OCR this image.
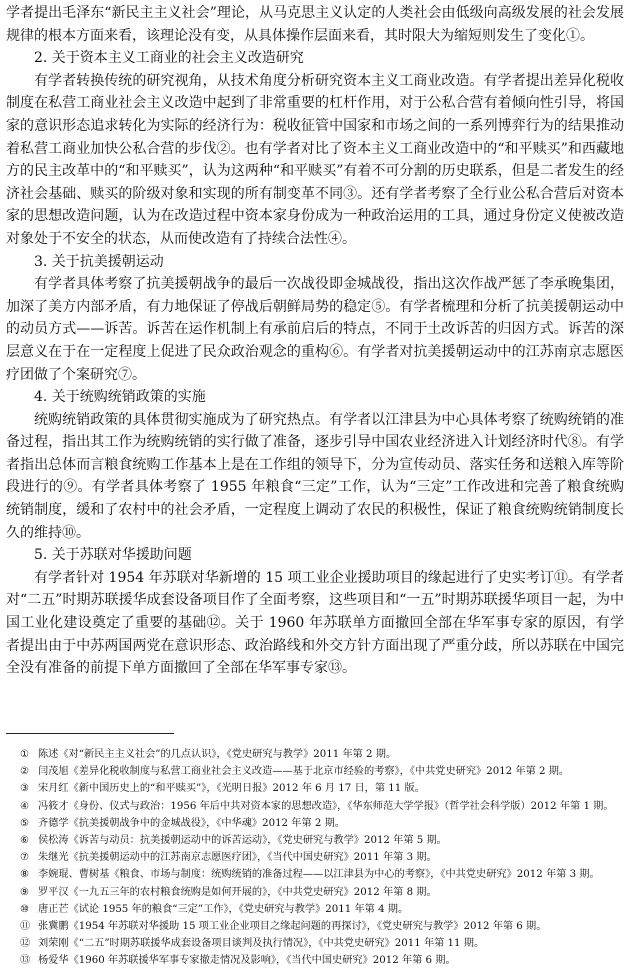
学者提出毛泽东“新民主主义社会”理论，从马克思主义认定的人类社会由低级向高级发展的社会发展规律的根本方面来看，该理论没有变，从具体操作层面来看，其时限大为缩短则发生了变化①。

2. 关于资本主义工商业的社会主义改造研究

有学者转换传统的研究视角，从技术角度分析研究资本主义工商业改造。有学者提出差异化税收制度在私营工商业社会主义改造中起到了非常重要的杠杆作用，对于公私合营有着倾向性引导，将国家的意识形态追求转化为实际的经济行为：税收征管中国家和市场之间的一系列博弈行为的结果推动着私营工商业加快公私合营的步伐②。也有学者对比了资本主义工商业改造中的“和平赎买”和西藏地方的民主改革中的“和平赎买”，认为这两种“和平赎买”有着不可分割的历史联系，但是二者发生的经济社会基础、赎买的阶级对象和实现的所有制变革不同③。还有学者考察了全行业公私合营后对资本家的思想改造问题，认为在改造过程中资本家身份成为一种政治运用的工具，通过身份定义使被改造对象处于不安全的状态，从而使改造有了持续合法性④。

3. 关于抗美援朝运动

有学者具体考察了抗美援朝战争的最后一次战役即金城战役，指出这次作战严惩了李承晚集团，加深了美方内部矛盾，有力地保证了停战后朝鲜局势的稳定⑤。有学者梳理和分析了抗美援朝运动中的动员方式——诉苦。诉苦在运作机制上有承前启后的特点，不同于土改诉苦的归因方式。诉苦的深层意义在于在一定程度上促进了民众政治观念的重构⑥。有学者对抗美援朝运动中的江苏南京志愿医疗团做了个案研究⑦。

4. 关于统购统销政策的实施

统购统销政策的具体贯彻实施成为了研究热点。有学者以江津县为中心具体考察了统购统销的准备过程，指出其工作为统购统销的实行做了准备，逐步引导中国农业经济进入计划经济时代⑧。有学者指出总体而言粮食统购工作基本上是在工作组的领导下，分为宣传动员、落实任务和送粮入库等阶段进行的⑨。有学者具体考察了 1955 年粮食“三定”工作，认为“三定”工作改进和完善了粮食统购统销制度，缓和了农村中的社会矛盾，一定程度上调动了农民的积极性，保证了粮食统购统销制度长久的维持⑩。

5. 关于苏联对华援助问题

有学者针对 1954 年苏联对华新增的 15 项工业企业援助项目的缘起进行了史实考订⑪。有学者对“二五”时期苏联援华成套设备项目作了全面考察，这些项目和“一五”时期苏联援华项目一起，为中国工业化建设奠定了重要的基础⑫。关于 1960 年苏联单方面撤回全部在华军事专家的原因，有学者提出由于中苏两国两党在意识形态、政治路线和外交方针方面出现了严重分歧，所以苏联在中国完全没有准备的前提下单方面撤回了全部在华军事专家⑬。

① 陈述《对“新民主主义社会”的几点认识》，《党史研究与教学》2011 年第 2 期。
② 闫茂旭《差异化税收制度与私营工商业社会主义改造——基于北京市经验的考察》，《中共党史研究》2012 年第 2 期。
③ 宋月红《新中国历史上的“和平赎买”》，《光明日报》2012 年 6 月 17 日，第 11 版。
④ 冯筱才《身份、仪式与政治：1956 年后中共对资本家的思想改造》，《华东师范大学学报》（哲学社会科学版）2012 年第 1 期。
⑤ 齐德学《抗美援朝战争中的金城战役》，《中华魂》2012 年第 2 期。
⑥ 侯松涛《诉苦与动员：抗美援朝运动中的诉苦运动》，《党史研究与教学》2012 年第 5 期。
⑦ 朱继光《抗美援朝运动中的江苏南京志愿医疗团》，《当代中国史研究》2011 年第 3 期。
⑧ 李婉琨、曹树基《粮食、市场与制度：统购统销的准备过程——以江津县为中心的考察》，《中共党史研究》2012 年第 3 期。
⑨ 罗平汉《一九五三年的农村粮食统购是如何开展的》，《中共党史研究》2012 年第 8 期。
⑩ 唐正芒《试论 1955 年的粮食“三定”工作》，《党史研究与教学》2011 年第 4 期。
⑪ 张冀鹏《1954 年苏联对华援助 15 项工业企业项目之缘起问题的再探讨》，《党史研究与教学》2012 年第 6 期。
⑫ 刘荣刚《“二五”时期苏联援华成套设备项目谈判及执行情况》，《中共党史研究》2011 年第 11 期。
⑬ 杨爱华《1960 年苏联援华军事专家撤走情况及影响》，《当代中国史研究》2012 年第 6 期。
